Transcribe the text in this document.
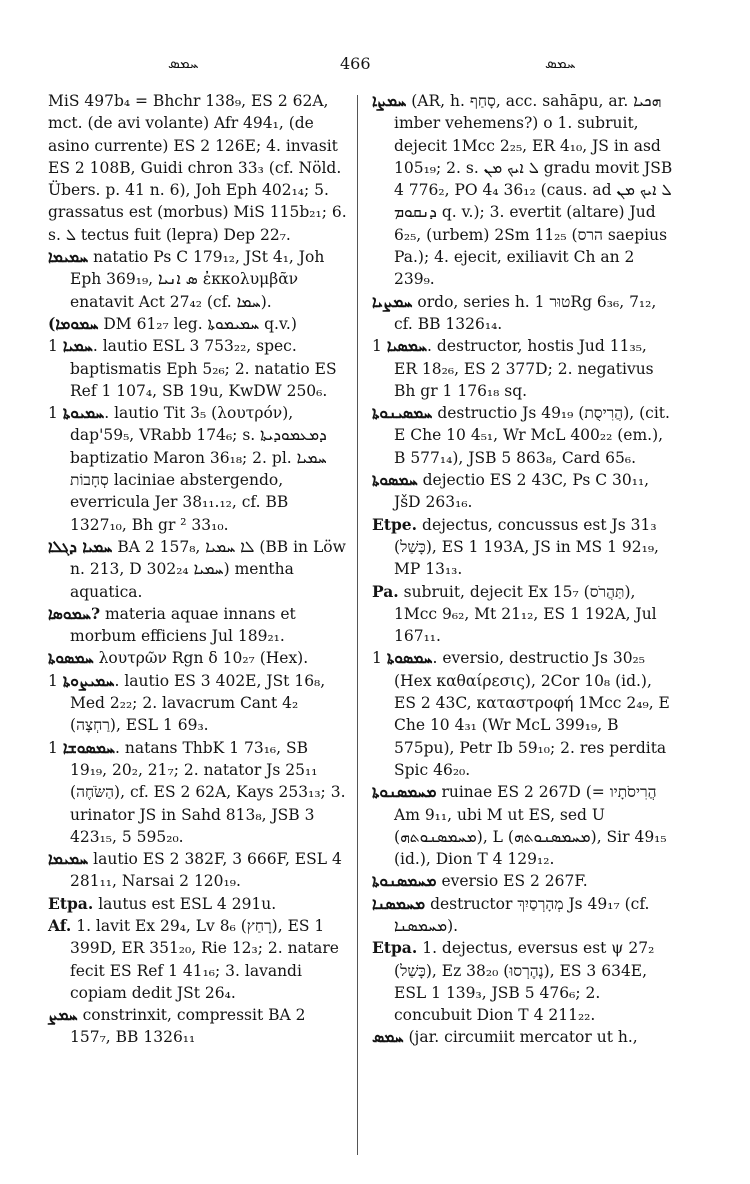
ܚܡܣ	466	ܚܡܣ

MiS 497b₄ = Bhchr 138₉, ES 2 62A, mct. (de avi volante) Afr 494₁, (de asino currente) ES 2 126E; 4. invasit ES 2 108B, Guidi chron 33₃ (cf. Nöld. Übers. p. 41 n. 6), Joh Eph 402₁₄; 5. grassatus est (morbus) MiS 115b₂₁; 6. s. ܠ tectus fuit (lepra) Dep 22₇.

ܚܡܝܡܐ natatio Ps C 179₁₂, JSt 4₁, Joh Eph 369₁₉, ܣ ܐܢܝܐ ἐκκολυμβᾶν enatavit Act 27₄₂ (cf. ܚܡܐ).

(ܚܡܘܡܐ DM 61₂₇ leg. ܚܡܝܡܘܬܐ q.v.)

ܚܡܝܐ 1. lautio ESL 3 753₂₂, spec. baptismatis Eph 5₂₆; 2. natatio ES Ref 1 107₄, SB 19u, KwDW 250₆.

ܚܡܝܘܬܐ 1. lautio Tit 3₅ (λουτρόν), dap'59₅, VRabb 174₆; s. ܕܡܥܡܘܕܝܬܐ baptizatio Maron 36₁₈; 2. pl. ܚܡܝܐ סְחָבוֹת laciniae abstergendo, everricula Jer 38₁₁.₁₂, cf. BB 1327₁₀, Bh gr ² 33₁₀.

ܚܡܝܐ ܕܓܠܐ BA 2 157₈, ܠܐ ܚܡܝܐ (BB in Löw n. 213, D 302₂₄ ܚܡܝܐ) mentha aquatica.

ܚܡܘܣܐ? materia aquae innans et morbum efficiens Jul 189₂₁.

ܚܡܣܘܬܐ λουτρῶν Rgn δ 10₂₇ (Hex).

ܚܡܝܨܘܬܐ 1. lautio ES 3 402E, JSt 16₈, Med 2₂₂; 2. lavacrum Cant 4₂ (רַחְצָה), ESL 1 69₃.

ܚܡܣܘܫܐ 1. natans ThbK 1 73₁₆, SB 19₁₉, 20₂, 21₇; 2. natator Js 25₁₁ (הַשֹּׂחֶה), cf. ES 2 62A, Kays 253₁₃; 3. urinator JS in Sahd 813₈, JSB 3 423₁₅, 5 595₂₀.

ܚܡܝܡܐ lautio ES 2 382F, 3 666F, ESL 4 281₁₁, Narsai 2 120₁₉.

Etpa. lautus est ESL 4 291u.

Af. 1. lavit Ex 29₄, Lv 8₆ (רָחַץ), ES 1 399D, ER 351₂₀, Rie 12₃; 2. natare fecit ES Ref 1 41₁₆; 3. lavandi copiam dedit JSt 26₄.

ܚܡܨ constrinxit, compressit BA 2 157₇, BB 1326₁₁

ܚܡܨܐ (AR, h. סָחַף, acc. sahāpu, ar. ܗܟܝܐ imber vehemens?) o 1. subruit, dejecit 1Mcc 2₂₅, ER 4₁₀, JS in asd 105₁₉; 2. s. ܠ ܐܝܟ ܡܢ gradu movit JSB 4 776₂, PO 4₄ 36₁₂ (caus. ad ܠ ܐܝܟ ܡܢ ܕܢܩܘܡ q. v.); 3. evertit (altare) Jud 6₂₅, (urbem) 2Sm 11₂₅ (הרס saepius Pa.); 4. ejecit, exiliavit Ch an 2 239₉.

ܚܡܨܝܐ ordo, series h. טוּר 1Rg 6₃₆, 7₁₂, cf. BB 1326₁₄.

ܚܡܣܝܐ 1. destructor, hostis Jud 11₃₅, ER 18₂₆, ES 2 377D; 2. negativus Bh gr 1 176₁₈ sq.

ܚܡܣܝܢܘܬܐ destructio Js 49₁₉ (הֲרִיסֻת), (cit. E Che 10 4₅₁, Wr McL 400₂₂ (em.), B 577₁₄), JSB 5 863₈, Card 65₆.

ܚܡܣܘܬܐ dejectio ES 2 43C, Ps C 30₁₁, JšD 263₁₆.

Etpe. dejectus, concussus est Js 31₃ (כָּשַׁל), ES 1 193A, JS in MS 1 92₁₉, MP 13₁₃.

Pa. subruit, dejecit Ex 15₇ (תַּהֲרֹס), 1Mcc 9₆₂, Mt 21₁₂, ES 1 192A, Jul 167₁₁.

ܚܡܣܘܬܐ 1. eversio, destructio Js 30₂₅ (Hex καθαίρεσις), 2Cor 10₈ (id.), ES 2 43C, καταστροφή 1Mcc 2₄₉, E Che 10 4₃₁ (Wr McL 399₁₉, B 575pu), Petr Ib 59₁₀; 2. res perdita Spic 46₂₀.

ܡܚܡܣܢܘܬܐ ruinae ES 2 267D (= הֲרִיסֹתָיו Am 9₁₁, ubi M ut ES, sed U (ܡܚܡܣܢܘܬܗ), L (ܡܚܡܣܢܘܬܗ), Sir 49₁₅ (id.), Dion T 4 129₁₂.

ܡܚܡܣܢܘܬܐ eversio ES 2 267F.

ܡܚܡܣܢܐ destructor מְהָרְסַיִךְ Js 49₁₇ (cf. ܡܚܡܣܢܐ).

Etpa. 1. dejectus, eversus est ψ 27₂ (כָּשַׁל), Ez 38₂₀ (נֶהֶרְסוּ), ES 3 634E, ESL 1 139₃, JSB 5 476₆; 2. concubuit Dion T 4 211₂₂.

ܚܡܣ (jar. circumiit mercator ut h.,
